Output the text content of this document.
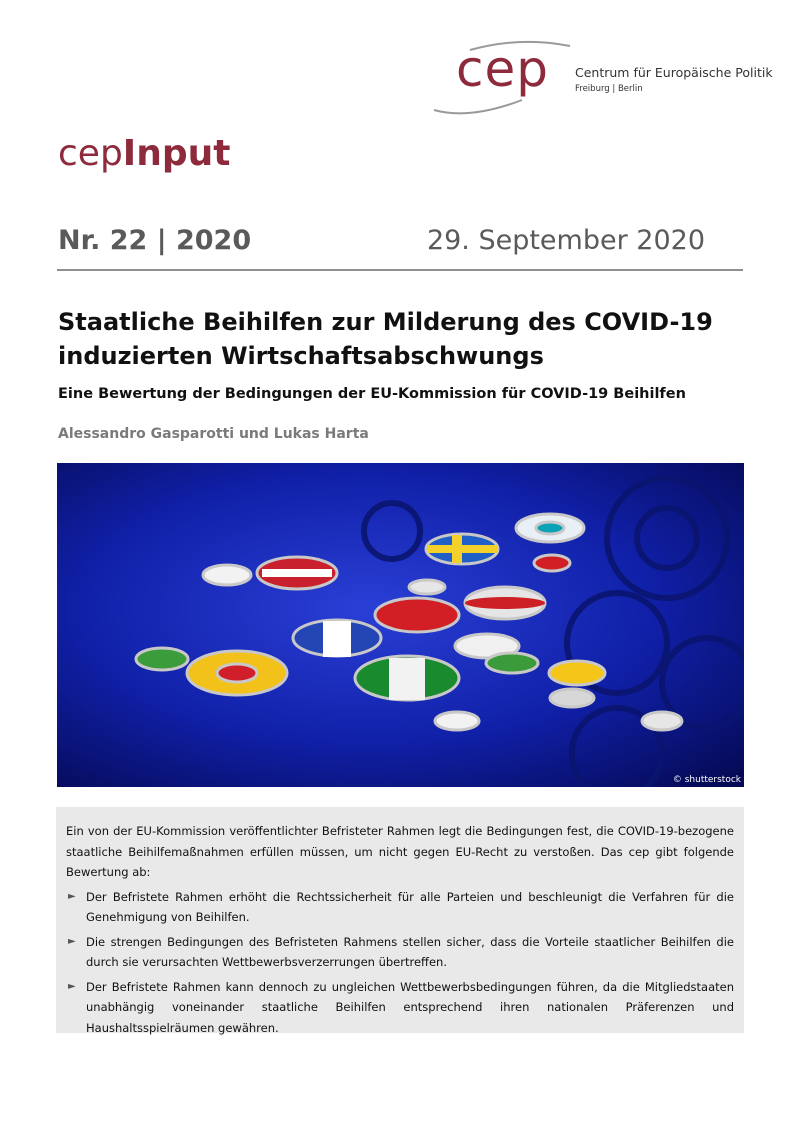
cep Centrum für Europäische Politik
Freiburg | Berlin
cepInput
Nr. 22 | 2020	29. September 2020
Staatliche Beihilfen zur Milderung des COVID-19 induzierten Wirtschaftsabschwungs
Eine Bewertung der Bedingungen der EU-Kommission für COVID-19 Beihilfen
Alessandro Gasparotti und Lukas Harta
© shutterstock

Ein von der EU-Kommission veröffentlichter Befristeter Rahmen legt die Bedingungen fest, die COVID-19-bezogene staatliche Beihilfemaßnahmen erfüllen müssen, um nicht gegen EU-Recht zu verstoßen. Das cep gibt folgende Bewertung ab:

► Der Befristete Rahmen erhöht die Rechtssicherheit für alle Parteien und beschleunigt die Verfahren für die Genehmigung von Beihilfen.
► Die strengen Bedingungen des Befristeten Rahmens stellen sicher, dass die Vorteile staatlicher Beihilfen die durch sie verursachten Wettbewerbsverzerrungen übertreffen.
► Der Befristete Rahmen kann dennoch zu ungleichen Wettbewerbsbedingungen führen, da die Mitgliedstaaten unabhängig voneinander staatliche Beihilfen entsprechend ihren nationalen Präferenzen und Haushaltsspielräumen gewähren.
